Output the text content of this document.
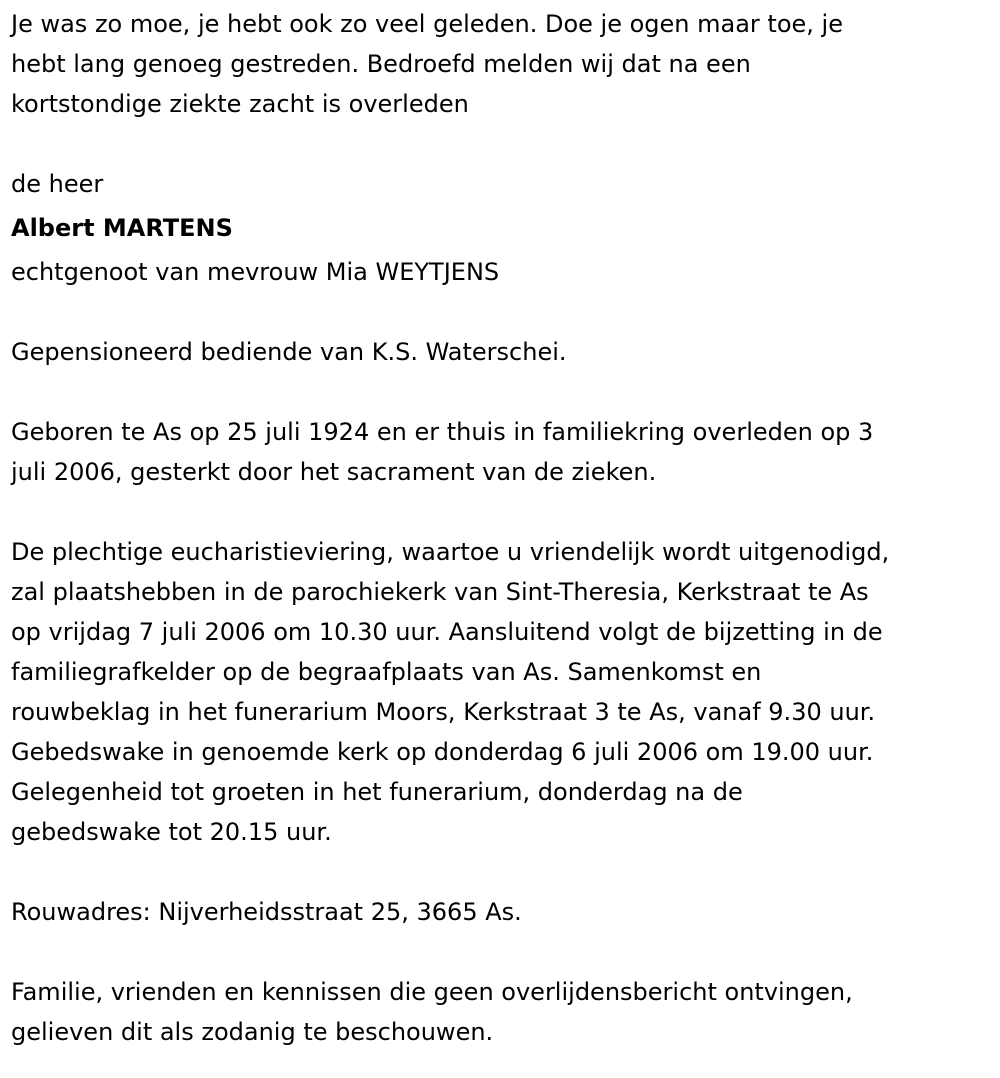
Je was zo moe, je hebt ook zo veel geleden. Doe je ogen maar toe, je
hebt lang genoeg gestreden. Bedroefd melden wij dat na een
kortstondige ziekte zacht is overleden
de heer
Albert MARTENS
echtgenoot van mevrouw Mia WEYTJENS
Gepensioneerd bediende van K.S. Waterschei.
Geboren te As op 25 juli 1924 en er thuis in familiekring overleden op 3
juli 2006, gesterkt door het sacrament van de zieken.
De plechtige eucharistieviering, waartoe u vriendelijk wordt uitgenodigd,
zal plaatshebben in de parochiekerk van Sint-Theresia, Kerkstraat te As
op vrijdag 7 juli 2006 om 10.30 uur. Aansluitend volgt de bijzetting in de
familiegrafkelder op de begraafplaats van As. Samenkomst en
rouwbeklag in het funerarium Moors, Kerkstraat 3 te As, vanaf 9.30 uur.
Gebedswake in genoemde kerk op donderdag 6 juli 2006 om 19.00 uur.
Gelegenheid tot groeten in het funerarium, donderdag na de
gebedswake tot 20.15 uur.
Rouwadres: Nijverheidsstraat 25, 3665 As.
Familie, vrienden en kennissen die geen overlijdensbericht ontvingen,
gelieven dit als zodanig te beschouwen.
